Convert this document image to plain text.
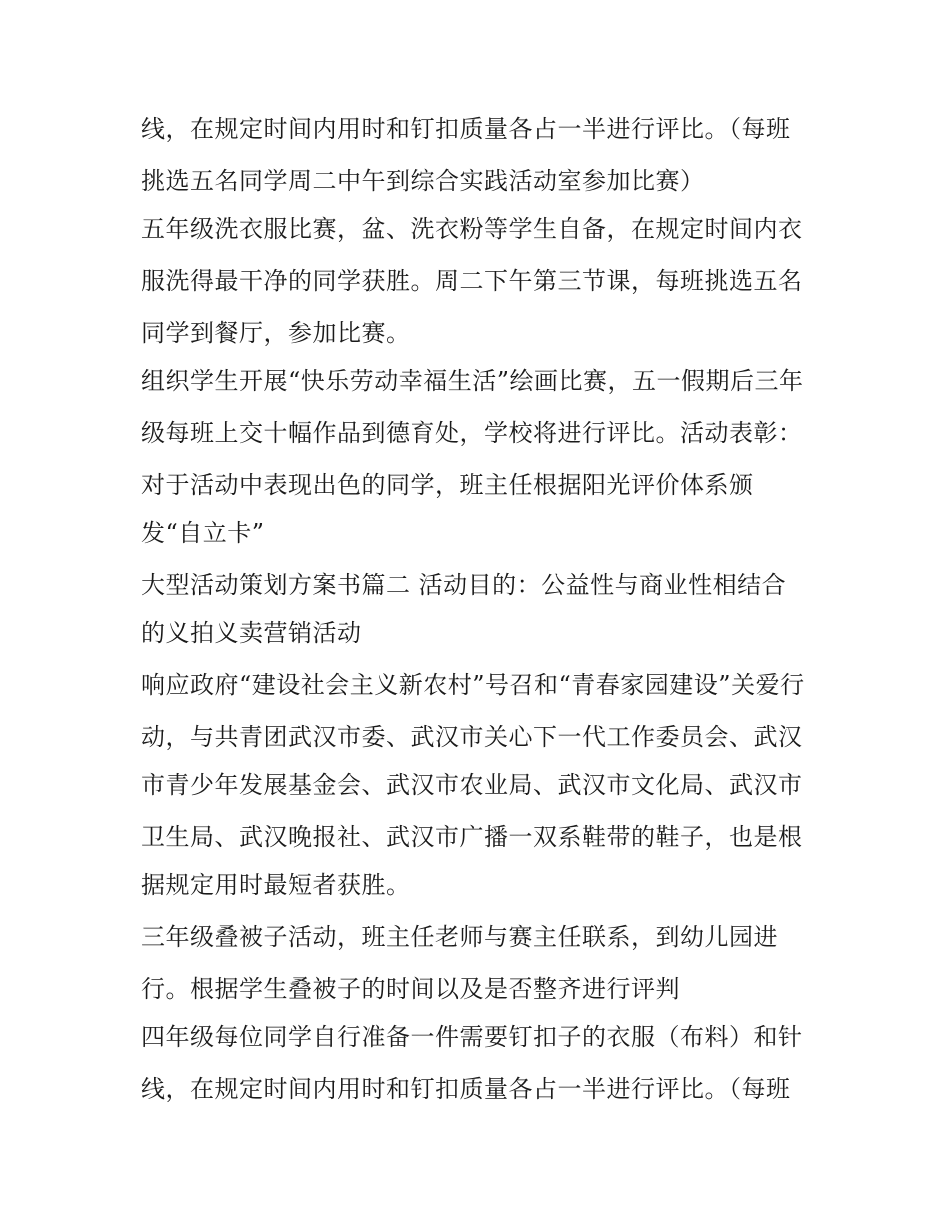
线，在规定时间内用时和钉扣质量各占一半进行评比。（每班
挑选五名同学周二中午到综合实践活动室参加比赛）
五年级洗衣服比赛，盆、洗衣粉等学生自备，在规定时间内衣
服洗得最干净的同学获胜。周二下午第三节课，每班挑选五名
同学到餐厅，参加比赛。
组织学生开展“快乐劳动幸福生活”绘画比赛，五一假期后三年
级每班上交十幅作品到德育处，学校将进行评比。活动表彰：
对于活动中表现出色的同学，班主任根据阳光评价体系颁
发“自立卡”
大型活动策划方案书篇二 活动目的：公益性与商业性相结合
的义拍义卖营销活动
响应政府“建设社会主义新农村”号召和“青春家园建设”关爱行
动，与共青团武汉市委、武汉市关心下一代工作委员会、武汉
市青少年发展基金会、武汉市农业局、武汉市文化局、武汉市
卫生局、武汉晚报社、武汉市广播一双系鞋带的鞋子，也是根
据规定用时最短者获胜。
三年级叠被子活动，班主任老师与赛主任联系，到幼儿园进
行。根据学生叠被子的时间以及是否整齐进行评判
四年级每位同学自行准备一件需要钉扣子的衣服（布料）和针
线，在规定时间内用时和钉扣质量各占一半进行评比。（每班
